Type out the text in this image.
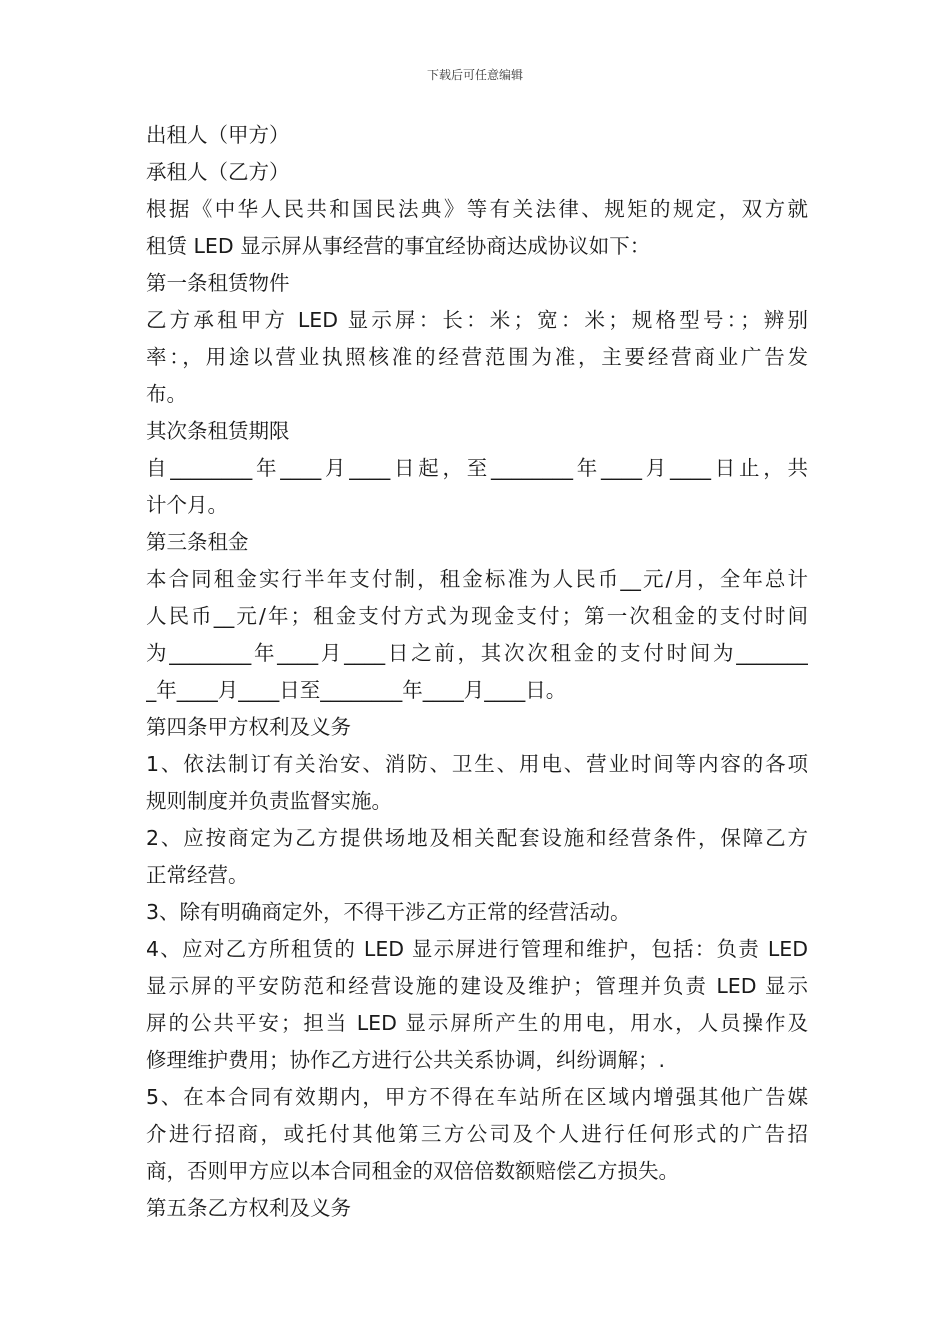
下载后可任意编辑
出租人（甲方）
承租人（乙方）
根据《中华人民共和国民法典》等有关法律、规矩的规定，双方就
租赁 LED 显示屏从事经营的事宜经协商达成协议如下：
第一条租赁物件
乙方承租甲方 LED 显示屏：长：米；宽：米；规格型号：；辨别
率：，用途以营业执照核准的经营范围为准，主要经营商业广告发
布。
其次条租赁期限
自________年____月____日起，至________年____月____日止，共
计个月。
第三条租金
本合同租金实行半年支付制，租金标准为人民币__元/月，全年总计
人民币__元/年；租金支付方式为现金支付；第一次租金的支付时间
为________年____月____日之前，其次次租金的支付时间为_______
_年____月____日至________年____月____日。
第四条甲方权利及义务
1、依法制订有关治安、消防、卫生、用电、营业时间等内容的各项
规则制度并负责监督实施。
2、应按商定为乙方提供场地及相关配套设施和经营条件，保障乙方
正常经营。
3、除有明确商定外，不得干涉乙方正常的经营活动。
4、应对乙方所租赁的 LED 显示屏进行管理和维护，包括：负责 LED
显示屏的平安防范和经营设施的建设及维护；管理并负责 LED 显示
屏的公共平安；担当 LED 显示屏所产生的用电，用水，人员操作及
修理维护费用；协作乙方进行公共关系协调，纠纷调解；.
5、在本合同有效期内，甲方不得在车站所在区域内增强其他广告媒
介进行招商，或托付其他第三方公司及个人进行任何形式的广告招
商，否则甲方应以本合同租金的双倍倍数额赔偿乙方损失。
第五条乙方权利及义务
